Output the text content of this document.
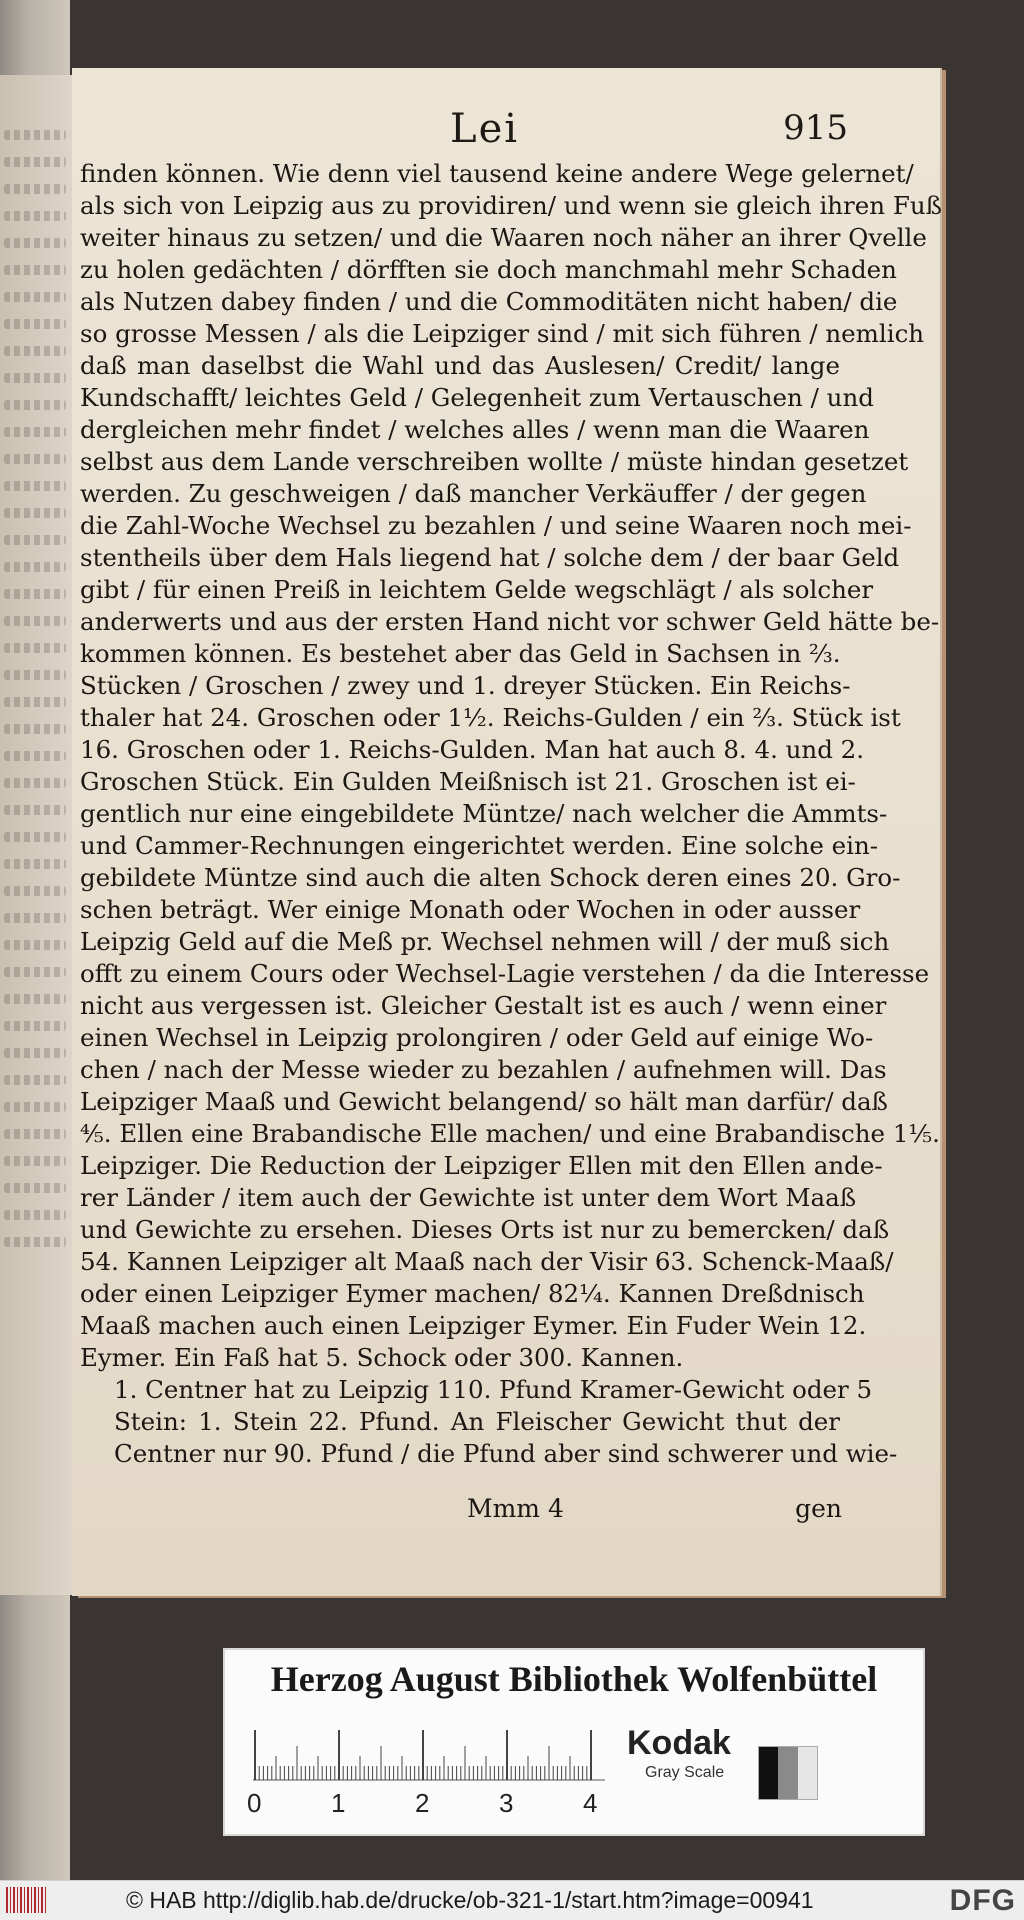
Lei	915
finden können. Wie denn viel tausend keine andere Wege gelernet/
als sich von Leipzig aus zu providiren/ und wenn sie gleich ihren Fuß
weiter hinaus zu setzen/ und die Waaren noch näher an ihrer Qvelle
zu holen gedächten / dörfften sie doch manchmahl mehr Schaden
als Nutzen dabey finden / und die Commoditäten nicht haben/ die
so grosse Messen / als die Leipziger sind / mit sich führen / nemlich
daß man daselbst die Wahl und das Auslesen/ Credit/ lange
Kundschafft/ leichtes Geld / Gelegenheit zum Vertauschen / und
dergleichen mehr findet / welches alles / wenn man die Waaren
selbst aus dem Lande verschreiben wollte / müste hindan gesetzet
werden. Zu geschweigen / daß mancher Verkäuffer / der gegen
die Zahl-Woche Wechsel zu bezahlen / und seine Waaren noch mei-
stentheils über dem Hals liegend hat / solche dem / der baar Geld
gibt / für einen Preiß in leichtem Gelde wegschlägt / als solcher
anderwerts und aus der ersten Hand nicht vor schwer Geld hätte be-
kommen können. Es bestehet aber das Geld in Sachsen in ⅔.
Stücken / Groschen / zwey und 1. dreyer Stücken. Ein Reichs-
thaler hat 24. Groschen oder 1½. Reichs-Gulden / ein ⅔. Stück ist
16. Groschen oder 1. Reichs-Gulden. Man hat auch 8. 4. und 2.
Groschen Stück. Ein Gulden Meißnisch ist 21. Groschen ist ei-
gentlich nur eine eingebildete Müntze/ nach welcher die Ammts-
und Cammer-Rechnungen eingerichtet werden. Eine solche ein-
gebildete Müntze sind auch die alten Schock deren eines 20. Gro-
schen beträgt. Wer einige Monath oder Wochen in oder ausser
Leipzig Geld auf die Meß pr. Wechsel nehmen will / der muß sich
offt zu einem Cours oder Wechsel-Lagie verstehen / da die Interesse
nicht aus vergessen ist. Gleicher Gestalt ist es auch / wenn einer
einen Wechsel in Leipzig prolongiren / oder Geld auf einige Wo-
chen / nach der Messe wieder zu bezahlen / aufnehmen will. Das
Leipziger Maaß und Gewicht belangend/ so hält man darfür/ daß
⅘. Ellen eine Brabandische Elle machen/ und eine Brabandische 1⅕.
Leipziger. Die Reduction der Leipziger Ellen mit den Ellen ande-
rer Länder / item auch der Gewichte ist unter dem Wort Maaß
und Gewichte zu ersehen. Dieses Orts ist nur zu bemercken/ daß
54. Kannen Leipziger alt Maaß nach der Visir 63. Schenck-Maaß/
oder einen Leipziger Eymer machen/ 82¼. Kannen Dreßdnisch
Maaß machen auch einen Leipziger Eymer. Ein Fuder Wein 12.
Eymer. Ein Faß hat 5. Schock oder 300. Kannen.
1. Centner hat zu Leipzig 110. Pfund Kramer-Gewicht oder 5
Stein: 1. Stein 22. Pfund. An Fleischer Gewicht thut der
Centner nur 90. Pfund / die Pfund aber sind schwerer und wie-
Mmm 4	gen
Herzog August Bibliothek Wolfenbüttel
0	1	2	3	4
Kodak
Gray Scale
© HAB http://diglib.hab.de/drucke/ob-321-1/start.htm?image=00941	DFG
